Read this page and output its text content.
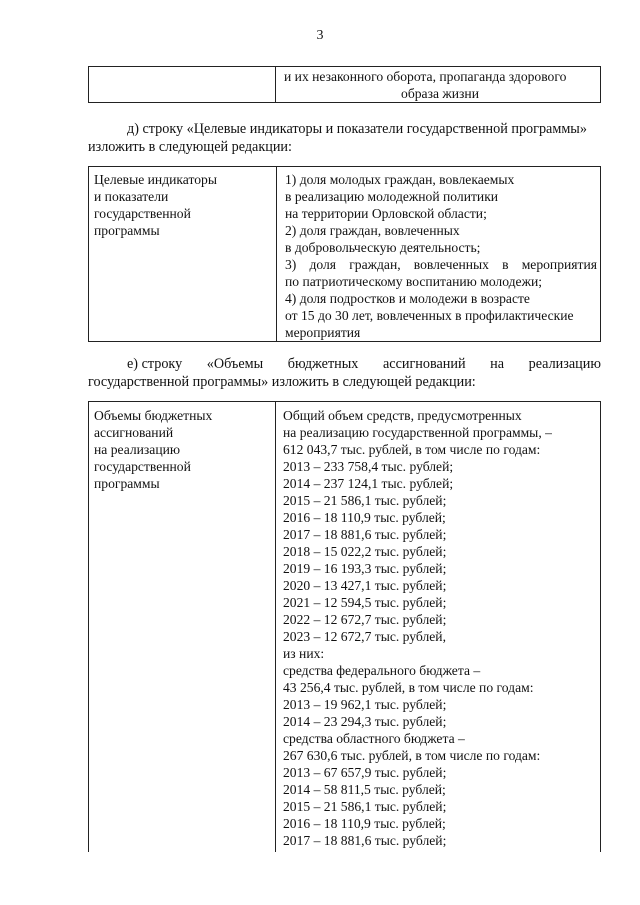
3
и их незаконного оборота, пропаганда здорового
образа жизни
д) строку «Целевые индикаторы и показатели государственной программы»
изложить в следующей редакции:
Целевые индикаторы
и показатели
государственной
программы
1) доля молодых граждан, вовлекаемых
в реализацию молодежной политики
на территории Орловской области;
2) доля граждан, вовлеченных
в добровольческую деятельность;
3) доля граждан, вовлеченных в мероприятия
по патриотическому воспитанию молодежи;
4) доля подростков и молодежи в возрасте
от 15 до 30 лет, вовлеченных в профилактические
мероприятия
е) строку «Объемы бюджетных ассигнований на реализацию
государственной программы» изложить в следующей редакции:
Объемы бюджетных
ассигнований
на реализацию
государственной
программы
Общий объем средств, предусмотренных
на реализацию государственной программы, –
612 043,7 тыс. рублей, в том числе по годам:
2013 – 233 758,4 тыс. рублей;
2014 – 237 124,1 тыс. рублей;
2015 – 21 586,1 тыс. рублей;
2016 – 18 110,9 тыс. рублей;
2017 – 18 881,6 тыс. рублей;
2018 – 15 022,2 тыс. рублей;
2019 – 16 193,3 тыс. рублей;
2020 – 13 427,1 тыс. рублей;
2021 – 12 594,5 тыс. рублей;
2022 – 12 672,7 тыс. рублей;
2023 – 12 672,7 тыс. рублей,
из них:
средства федерального бюджета –
43 256,4 тыс. рублей, в том числе по годам:
2013 – 19 962,1 тыс. рублей;
2014 – 23 294,3 тыс. рублей;
средства областного бюджета –
267 630,6 тыс. рублей, в том числе по годам:
2013 – 67 657,9 тыс. рублей;
2014 – 58 811,5 тыс. рублей;
2015 – 21 586,1 тыс. рублей;
2016 – 18 110,9 тыс. рублей;
2017 – 18 881,6 тыс. рублей;
